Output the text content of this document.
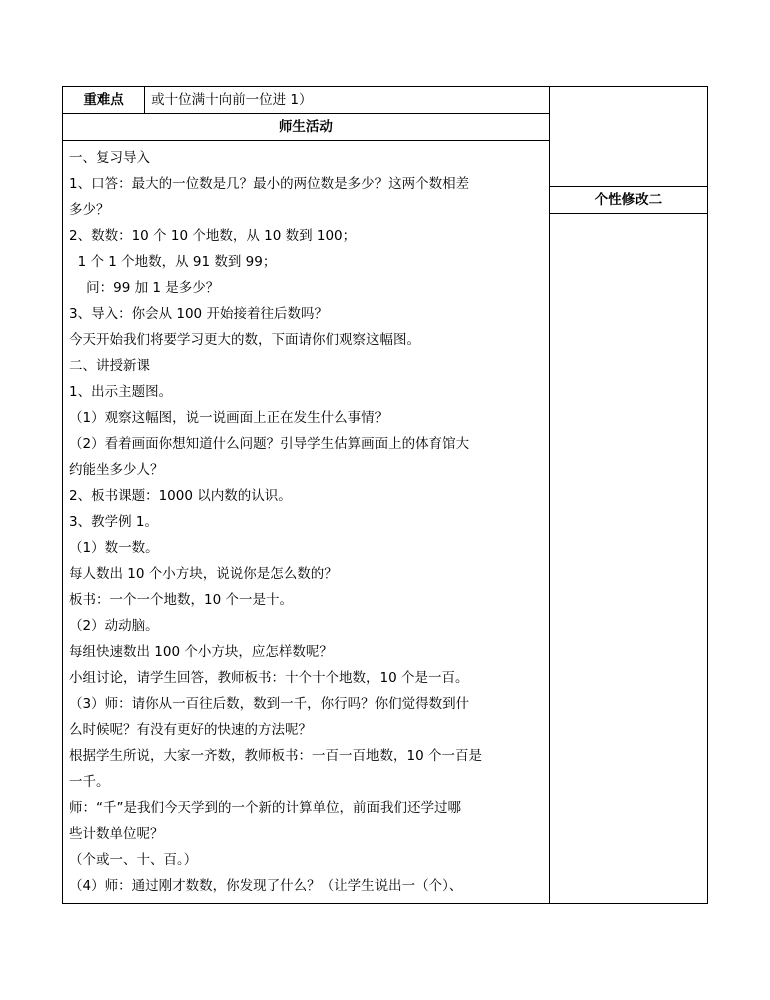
重难点	或十位满十向前一位进 1）	
个性修改二

师生活动

一、复习导入
1、口答：最大的一位数是几？最小的两位数是多少？这两个数相差
多少？
2、数数：10 个 10 个地数，从 10 数到 100；
1 个 1 个地数，从 91 数到 99；
问：99 加 1 是多少？
3、导入：你会从 100 开始接着往后数吗？
今天开始我们将要学习更大的数，下面请你们观察这幅图。
二、讲授新课
1、出示主题图。
（1）观察这幅图，说一说画面上正在发生什么事情？
（2）看着画面你想知道什么问题？引导学生估算画面上的体育馆大
约能坐多少人？
2、板书课题：1000 以内数的认识。
3、教学例 1。
（1）数一数。
每人数出 10 个小方块，说说你是怎么数的？
板书：一个一个地数，10 个一是十。
（2）动动脑。
每组快速数出 100 个小方块，应怎样数呢？
小组讨论，请学生回答，教师板书：十个十个地数，10 个是一百。
（3）师：请你从一百往后数，数到一千，你行吗？你们觉得数到什
么时候呢？有没有更好的快速的方法呢？
根据学生所说，大家一齐数，教师板书：一百一百地数，10 个一百是
一千。
师：“千”是我们今天学到的一个新的计算单位，前面我们还学过哪
些计数单位呢？
（个或一、十、百。）
（4）师：通过刚才数数，你发现了什么？（让学生说出一（个）、
